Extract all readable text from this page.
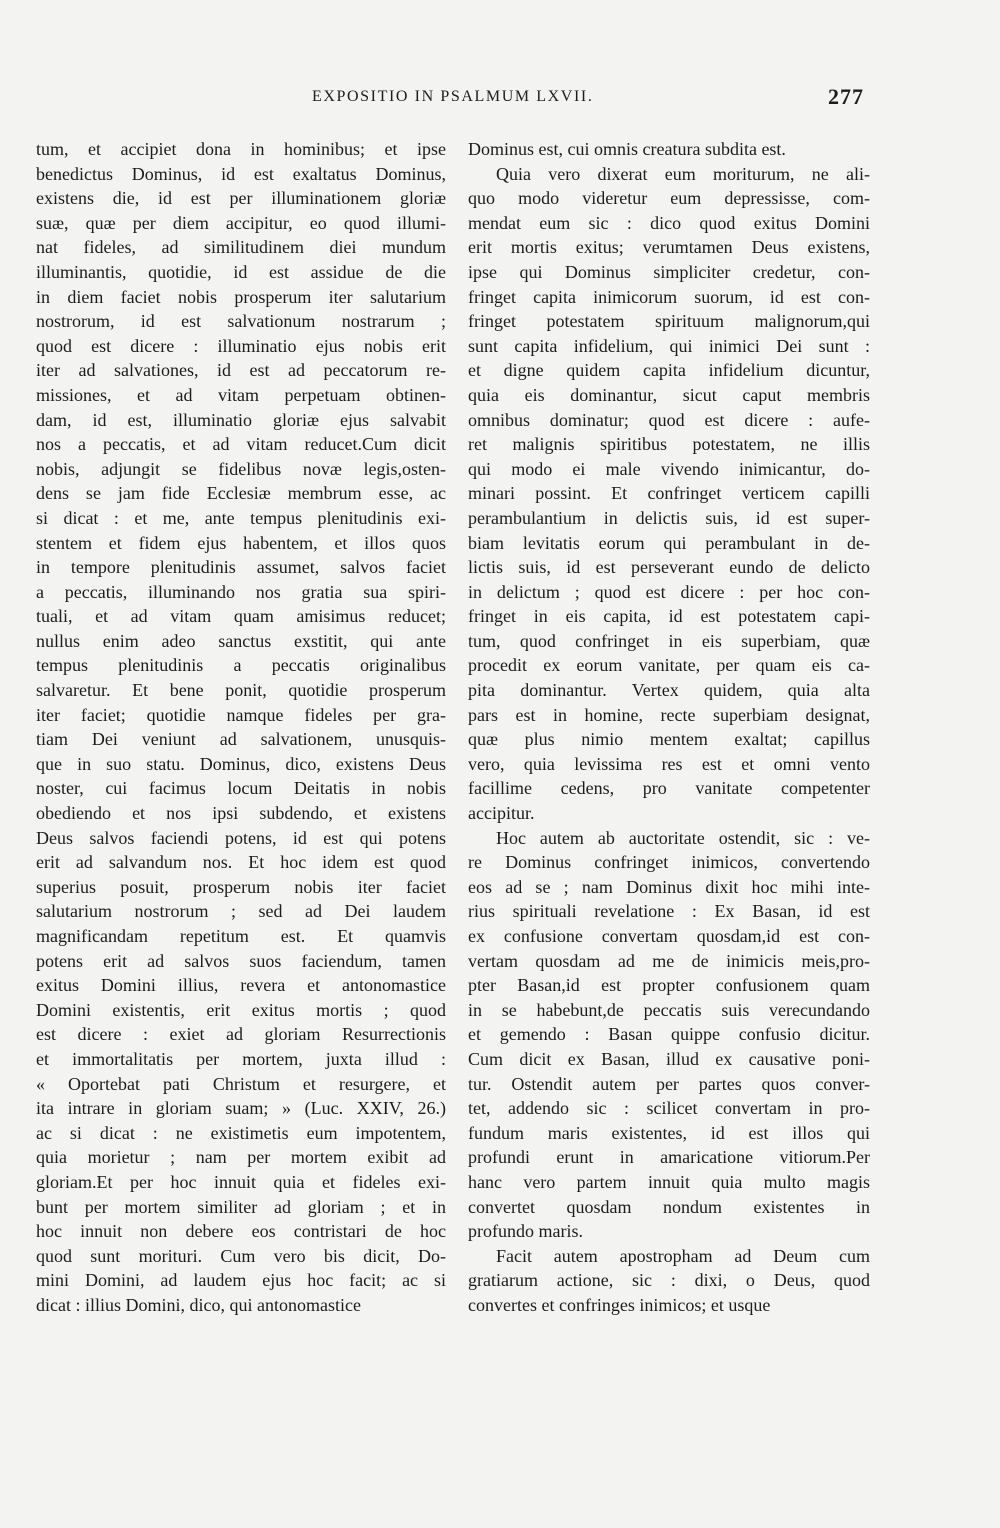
EXPOSITIO IN PSALMUM LXVII.	277
tum, et accipiet dona in hominibus; et ipse
benedictus Dominus, id est exaltatus Dominus,
existens die, id est per illuminationem gloriæ
suæ, quæ per diem accipitur, eo quod illumi-
nat fideles, ad similitudinem diei mundum
illuminantis, quotidie, id est assidue de die
in diem faciet nobis prosperum iter salutarium
nostrorum, id est salvationum nostrarum ;
quod est dicere : illuminatio ejus nobis erit
iter ad salvationes, id est ad peccatorum re-
missiones, et ad vitam perpetuam obtinen-
dam, id est, illuminatio gloriæ ejus salvabit
nos a peccatis, et ad vitam reducet.Cum dicit
nobis, adjungit se fidelibus novæ legis,osten-
dens se jam fide Ecclesiæ membrum esse, ac
si dicat : et me, ante tempus plenitudinis exi-
stentem et fidem ejus habentem, et illos quos
in tempore plenitudinis assumet, salvos faciet
a peccatis, illuminando nos gratia sua spiri-
tuali, et ad vitam quam amisimus reducet;
nullus enim adeo sanctus exstitit, qui ante
tempus plenitudinis a peccatis originalibus
salvaretur. Et bene ponit, quotidie prosperum
iter faciet; quotidie namque fideles per gra-
tiam Dei veniunt ad salvationem, unusquis-
que in suo statu. Dominus, dico, existens Deus
noster, cui facimus locum Deitatis in nobis
obediendo et nos ipsi subdendo, et existens
Deus salvos faciendi potens, id est qui potens
erit ad salvandum nos. Et hoc idem est quod
superius posuit, prosperum nobis iter faciet
salutarium nostrorum ; sed ad Dei laudem
magnificandam repetitum est. Et quamvis
potens erit ad salvos suos faciendum, tamen
exitus Domini illius, revera et antonomastice
Domini existentis, erit exitus mortis ; quod
est dicere : exiet ad gloriam Resurrectionis
et immortalitatis per mortem, juxta illud :
« Oportebat pati Christum et resurgere, et
ita intrare in gloriam suam; » (Luc. XXIV, 26.)
ac si dicat : ne existimetis eum impotentem,
quia morietur ; nam per mortem exibit ad
gloriam.Et per hoc innuit quia et fideles exi-
bunt per mortem similiter ad gloriam ; et in
hoc innuit non debere eos contristari de hoc
quod sunt morituri. Cum vero bis dicit, Do-
mini Domini, ad laudem ejus hoc facit; ac si
dicat : illius Domini, dico, qui antonomastice
Dominus est, cui omnis creatura subdita est.
Quia vero dixerat eum moriturum, ne ali-
quo modo videretur eum depressisse, com-
mendat eum sic : dico quod exitus Domini
erit mortis exitus; verumtamen Deus existens,
ipse qui Dominus simpliciter credetur, con-
fringet capita inimicorum suorum, id est con-
fringet potestatem spirituum malignorum,qui
sunt capita infidelium, qui inimici Dei sunt :
et digne quidem capita infidelium dicuntur,
quia eis dominantur, sicut caput membris
omnibus dominatur; quod est dicere : aufe-
ret malignis spiritibus potestatem, ne illis
qui modo ei male vivendo inimicantur, do-
minari possint. Et confringet verticem capilli
perambulantium in delictis suis, id est super-
biam levitatis eorum qui perambulant in de-
lictis suis, id est perseverant eundo de delicto
in delictum ; quod est dicere : per hoc con-
fringet in eis capita, id est potestatem capi-
tum, quod confringet in eis superbiam, quæ
procedit ex eorum vanitate, per quam eis ca-
pita dominantur. Vertex quidem, quia alta
pars est in homine, recte superbiam designat,
quæ plus nimio mentem exaltat; capillus
vero, quia levissima res est et omni vento
facillime cedens, pro vanitate competenter
accipitur.
Hoc autem ab auctoritate ostendit, sic : ve-
re Dominus confringet inimicos, convertendo
eos ad se ; nam Dominus dixit hoc mihi inte-
rius spirituali revelatione : Ex Basan, id est
ex confusione convertam quosdam,id est con-
vertam quosdam ad me de inimicis meis,pro-
pter Basan,id est propter confusionem quam
in se habebunt,de peccatis suis verecundando
et gemendo : Basan quippe confusio dicitur.
Cum dicit ex Basan, illud ex causative poni-
tur. Ostendit autem per partes quos conver-
tet, addendo sic : scilicet convertam in pro-
fundum maris existentes, id est illos qui
profundi erunt in amaricatione vitiorum.Per
hanc vero partem innuit quia multo magis
convertet quosdam nondum existentes in
profundo maris.
Facit autem apostropham ad Deum cum
gratiarum actione, sic : dixi, o Deus, quod
convertes et confringes inimicos; et usque
